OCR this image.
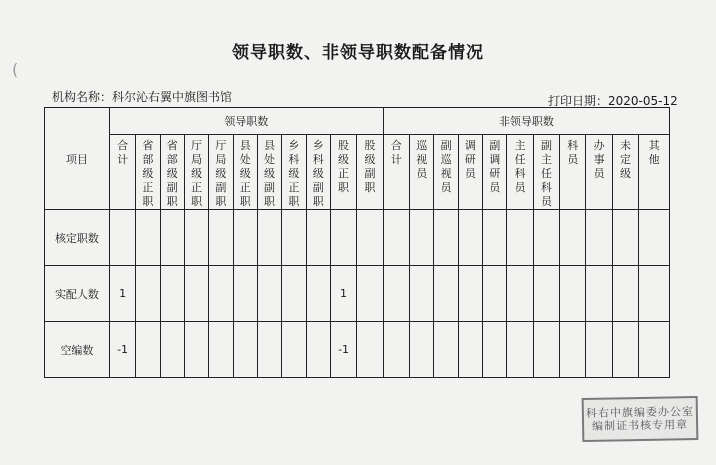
(
领导职数、非领导职数配备情况
机构名称：科尔沁右翼中旗图书馆	打印日期：2020-05-12
项目	领导职数											非领导职数										
	合计	省部级正职	省部级副职	厅局级正职	厅局级副职	县处级正职	县处级副职	乡科级正职	乡科级副职	股级正职	股级副职	合计	巡视员	副巡视员	调研员	副调研员	主任科员	副主任科员	科员	办事员	未定级	其他
核定职数																						
实配人数	1									1												
空编数	-1									-1												
科右中旗编委办公室
编制证书核专用章
